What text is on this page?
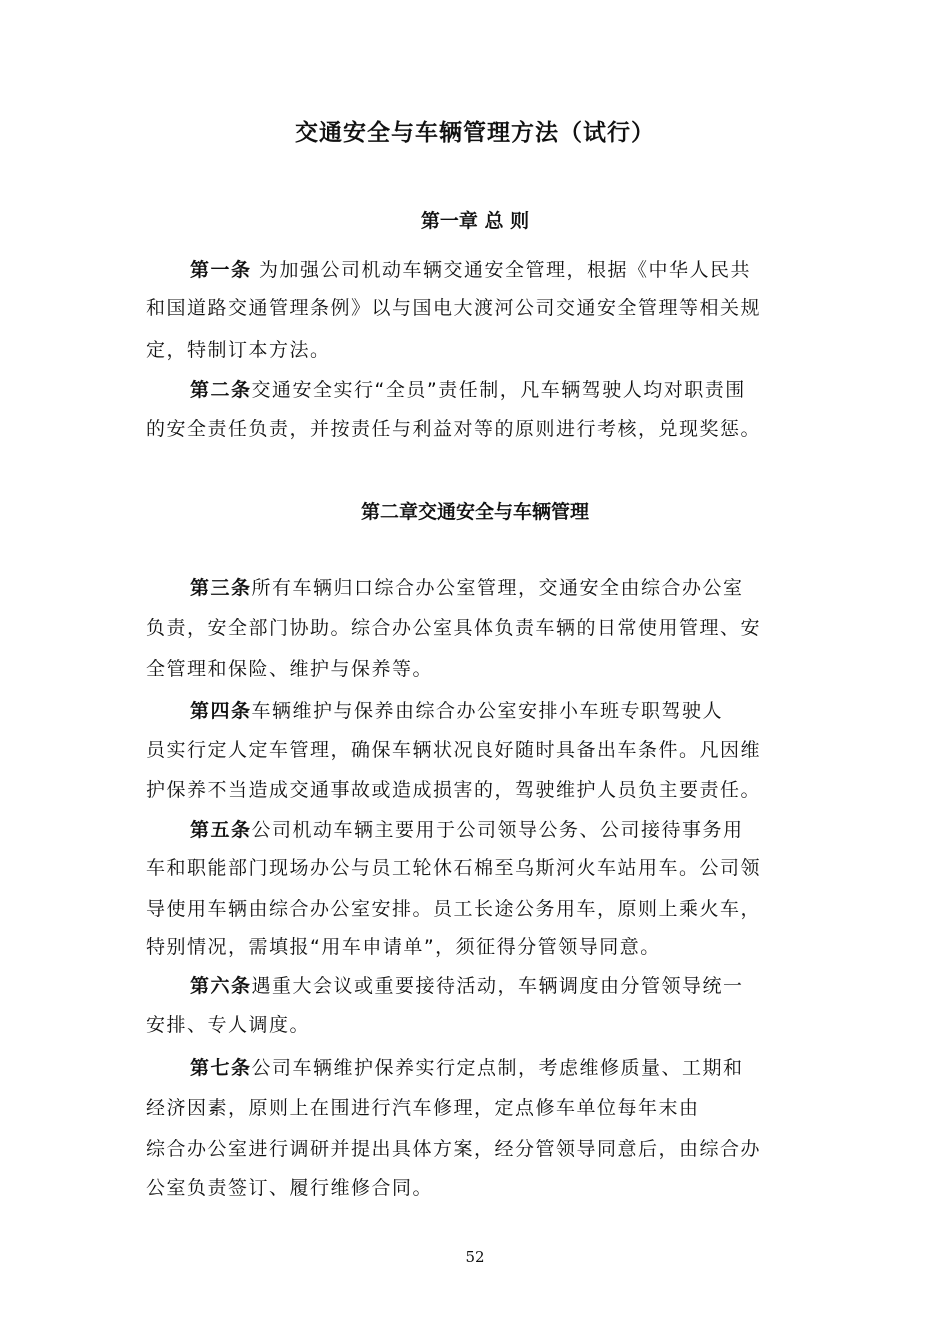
交通安全与车辆管理方法（试行）
第一章 总 则
第一条 为加强公司机动车辆交通安全管理，根据《中华人民共
和国道路交通管理条例》以与国电大渡河公司交通安全管理等相关规
定，特制订本方法。
第二条交通安全实行“全员”责任制，凡车辆驾驶人均对职责围
的安全责任负责，并按责任与利益对等的原则进行考核，兑现奖惩。
第二章交通安全与车辆管理
第三条所有车辆归口综合办公室管理，交通安全由综合办公室
负责，安全部门协助。综合办公室具体负责车辆的日常使用管理、安
全管理和保险、维护与保养等。
第四条车辆维护与保养由综合办公室安排小车班专职驾驶人
员实行定人定车管理，确保车辆状况良好随时具备出车条件。凡因维
护保养不当造成交通事故或造成损害的，驾驶维护人员负主要责任。
第五条公司机动车辆主要用于公司领导公务、公司接待事务用
车和职能部门现场办公与员工轮休石棉至乌斯河火车站用车。公司领
导使用车辆由综合办公室安排。员工长途公务用车，原则上乘火车，
特别情况，需填报“用车申请单”，须征得分管领导同意。
第六条遇重大会议或重要接待活动，车辆调度由分管领导统一
安排、专人调度。
第七条公司车辆维护保养实行定点制，考虑维修质量、工期和
经济因素，原则上在围进行汽车修理，定点修车单位每年末由
综合办公室进行调研并提出具体方案，经分管领导同意后，由综合办
公室负责签订、履行维修合同。
52
